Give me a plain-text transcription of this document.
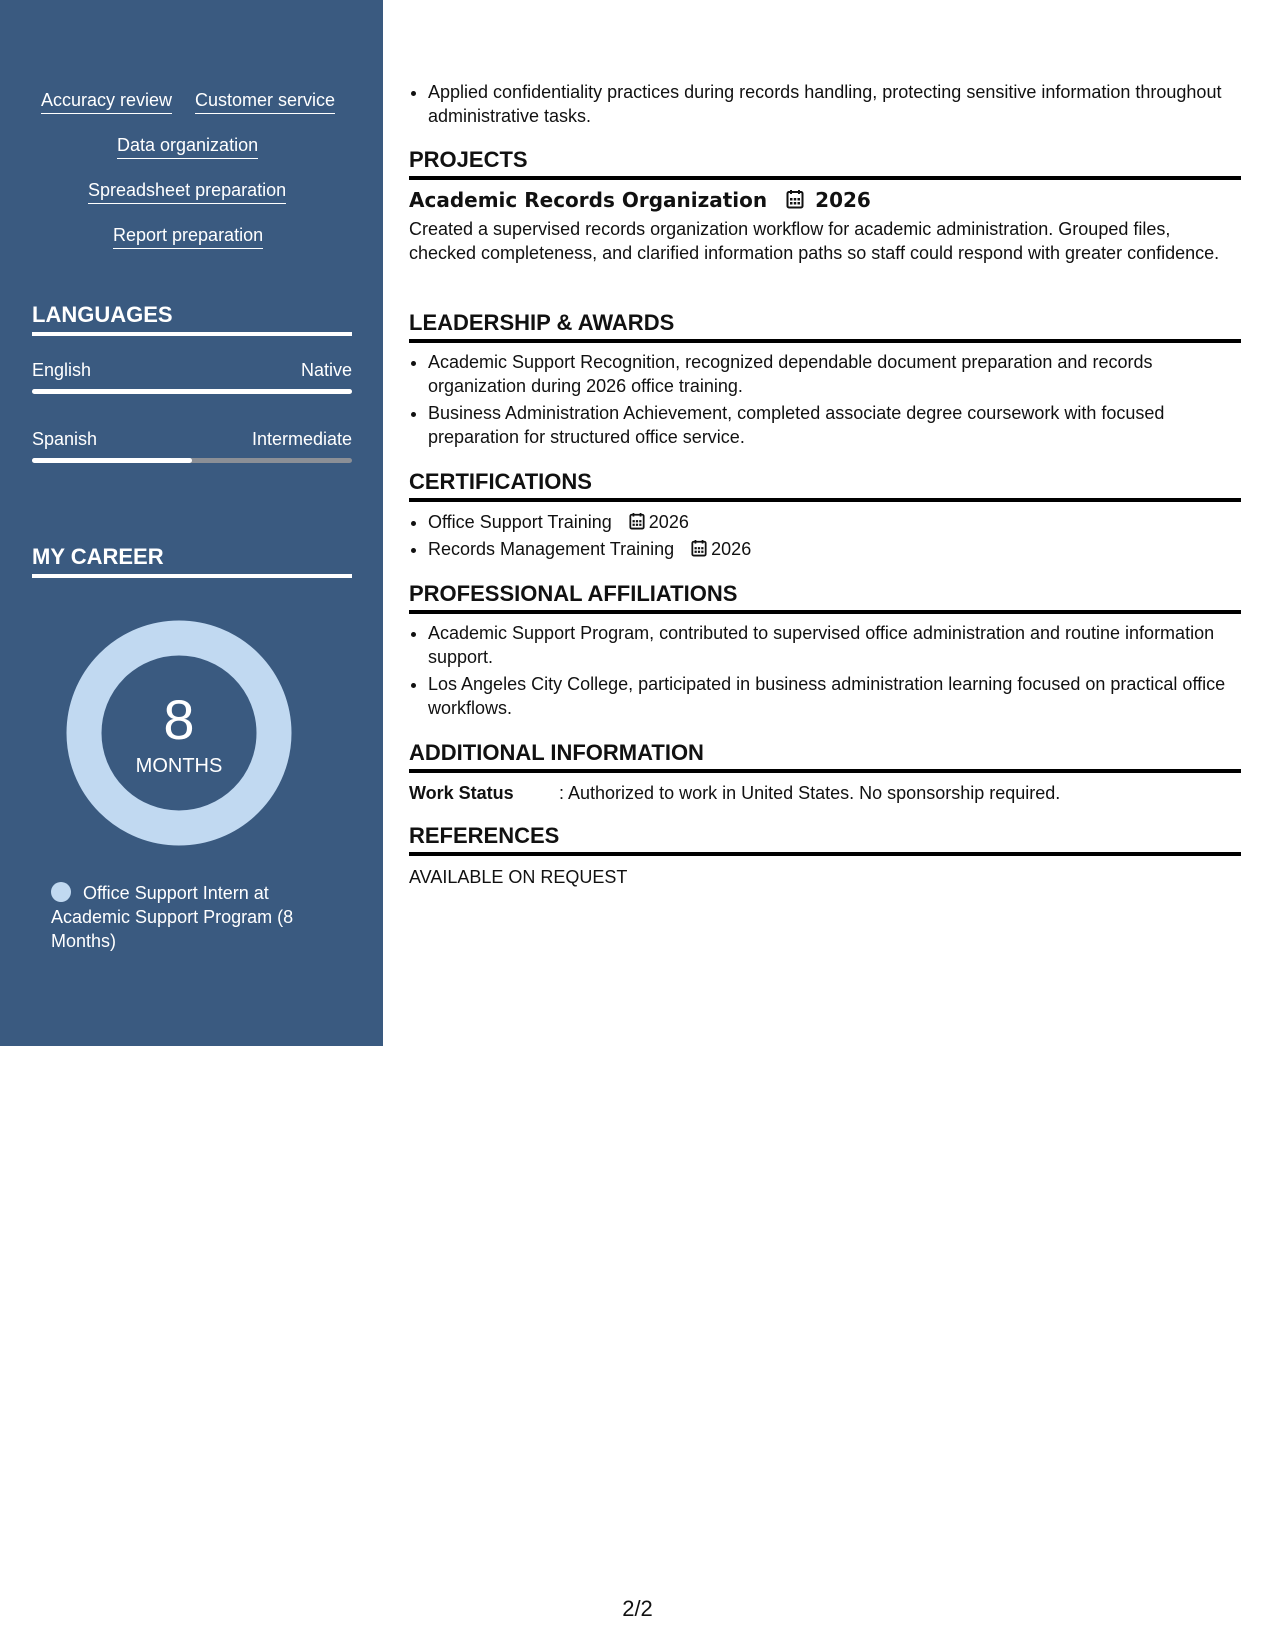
Accuracy review Customer service
Data organization
Spreadsheet preparation
Report preparation
LANGUAGES
English	Native
Spanish	Intermediate
MY CAREER
8
MONTHS
Office Support Intern at Academic Support Program (8 Months)
• Applied confidentiality practices during records handling, protecting sensitive information throughout administrative tasks.
PROJECTS
Academic Records Organization 2026
Created a supervised records organization workflow for academic administration. Grouped files, checked completeness, and clarified information paths so staff could respond with greater confidence.
LEADERSHIP & AWARDS
• Academic Support Recognition, recognized dependable document preparation and records organization during 2026 office training.
• Business Administration Achievement, completed associate degree coursework with focused preparation for structured office service.
CERTIFICATIONS
• Office Support Training 2026
• Records Management Training 2026
PROFESSIONAL AFFILIATIONS
• Academic Support Program, contributed to supervised office administration and routine information support.
• Los Angeles City College, participated in business administration learning focused on practical office workflows.
ADDITIONAL INFORMATION
Work Status	: Authorized to work in United States. No sponsorship required.
REFERENCES
AVAILABLE ON REQUEST
2/2
